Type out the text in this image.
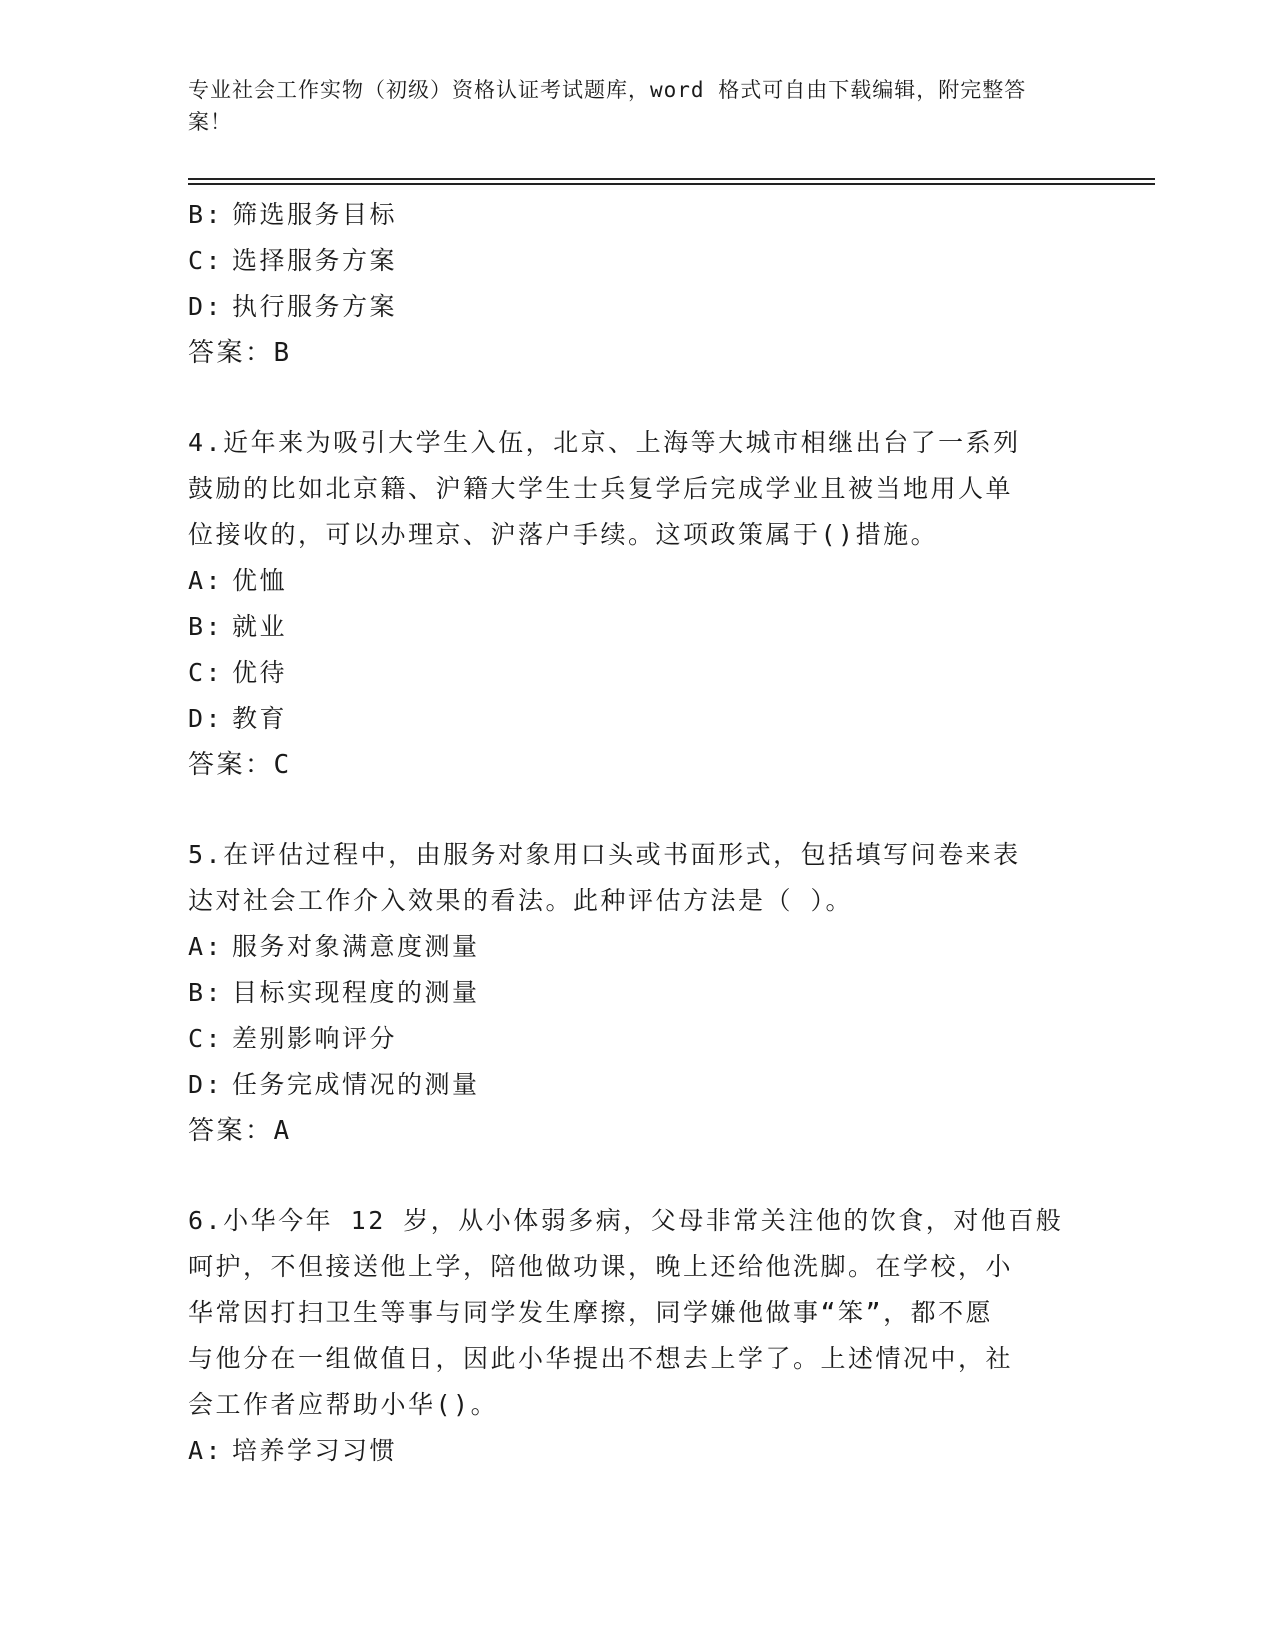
专业社会工作实物（初级）资格认证考试题库，word 格式可自由下载编辑，附完整答案！
B: 筛选服务目标
C: 选择服务方案
D: 执行服务方案
答案：B
4.近年来为吸引大学生入伍，北京、上海等大城市相继出台了一系列
鼓励的比如北京籍、沪籍大学生士兵复学后完成学业且被当地用人单
位接收的，可以办理京、沪落户手续。这项政策属于()措施。
A: 优恤
B: 就业
C: 优待
D: 教育
答案：C
5.在评估过程中，由服务对象用口头或书面形式，包括填写问卷来表
达对社会工作介入效果的看法。此种评估方法是（ ）。
A: 服务对象满意度测量
B: 目标实现程度的测量
C: 差别影响评分
D: 任务完成情况的测量
答案：A
6.小华今年 12 岁，从小体弱多病，父母非常关注他的饮食，对他百般
呵护，不但接送他上学，陪他做功课，晚上还给他洗脚。在学校，小
华常因打扫卫生等事与同学发生摩擦，同学嫌他做事“笨”，都不愿
与他分在一组做值日，因此小华提出不想去上学了。上述情况中，社
会工作者应帮助小华()。
A: 培养学习习惯
